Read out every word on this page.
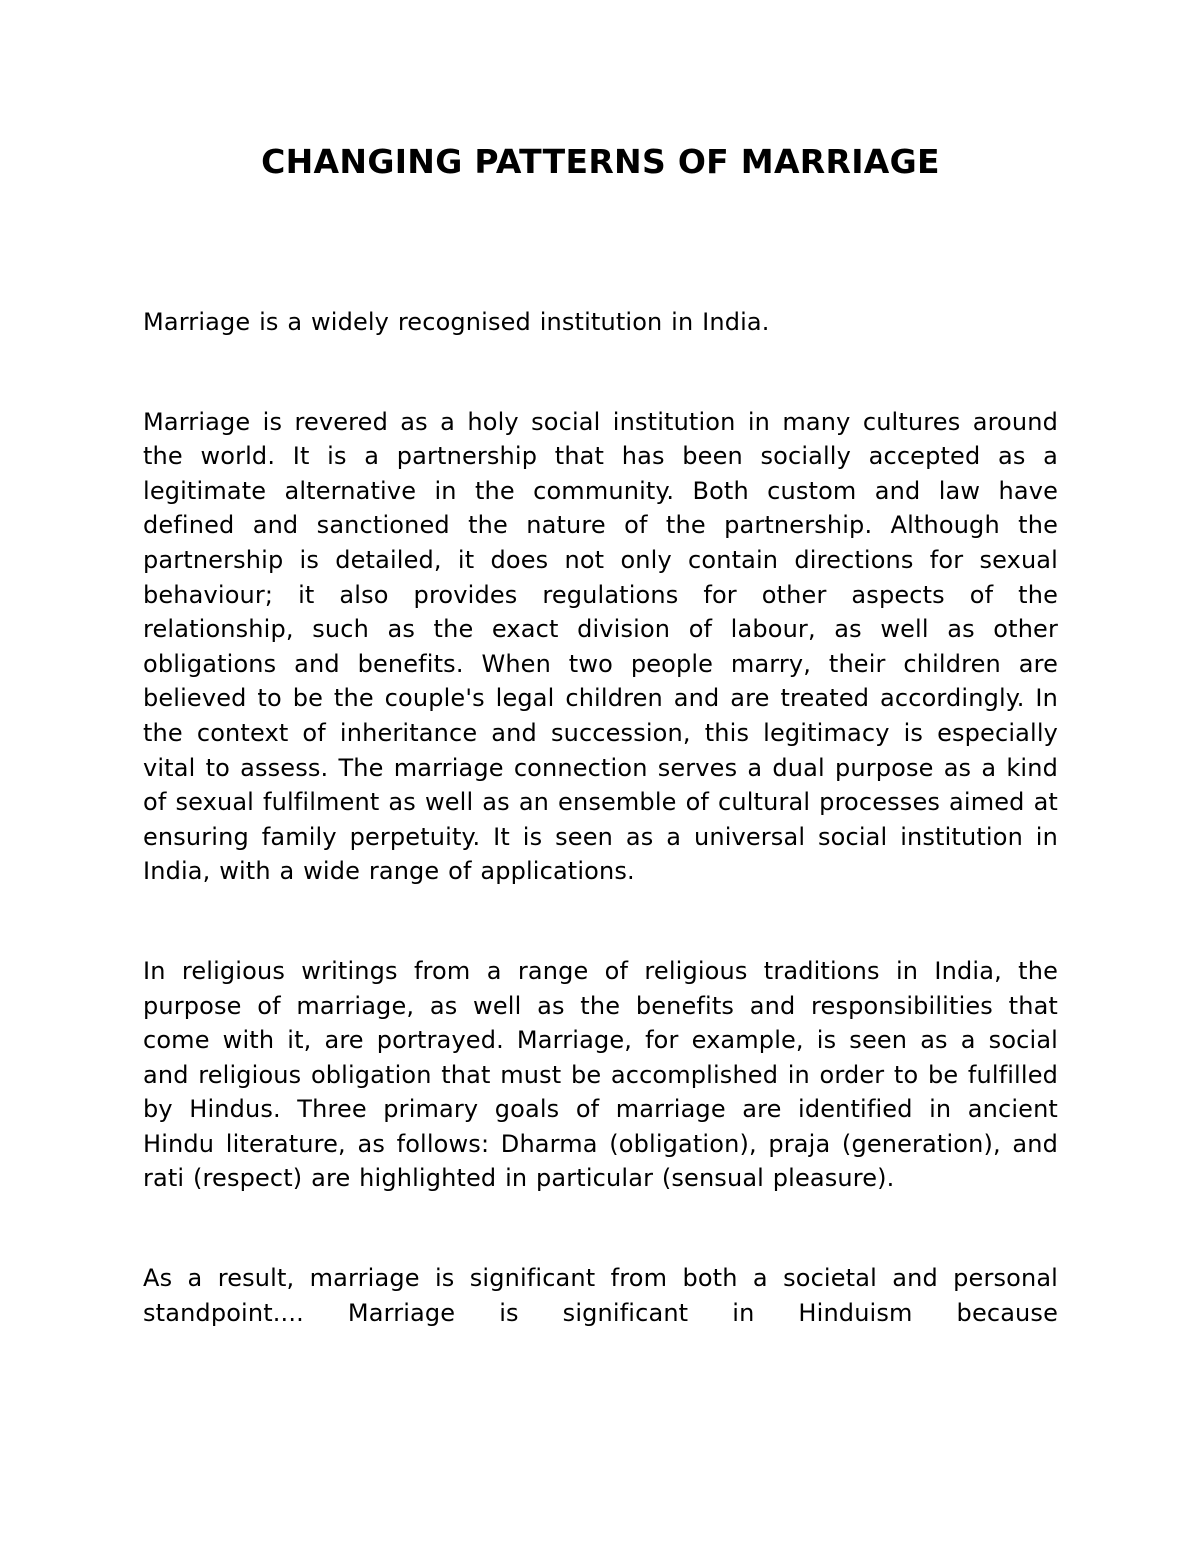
CHANGING PATTERNS OF MARRIAGE

Marriage is a widely recognised institution in India.

Marriage is revered as a holy social institution in many cultures around the world. It is a partnership that has been socially accepted as a legitimate alternative in the community. Both custom and law have defined and sanctioned the nature of the partnership. Although the partnership is detailed, it does not only contain directions for sexual behaviour; it also provides regulations for other aspects of the relationship, such as the exact division of labour, as well as other obligations and benefits. When two people marry, their children are believed to be the couple's legal children and are treated accordingly. In the context of inheritance and succession, this legitimacy is especially vital to assess. The marriage connection serves a dual purpose as a kind of sexual fulfilment as well as an ensemble of cultural processes aimed at ensuring family perpetuity. It is seen as a universal social institution in India, with a wide range of applications.

In religious writings from a range of religious traditions in India, the purpose of marriage, as well as the benefits and responsibilities that come with it, are portrayed. Marriage, for example, is seen as a social and religious obligation that must be accomplished in order to be fulfilled by Hindus. Three primary goals of marriage are identified in ancient Hindu literature, as follows: Dharma (obligation), praja (generation), and rati (respect) are highlighted in particular (sensual pleasure).

As a result, marriage is significant from both a societal and personal standpoint.... Marriage is significant in Hinduism because
